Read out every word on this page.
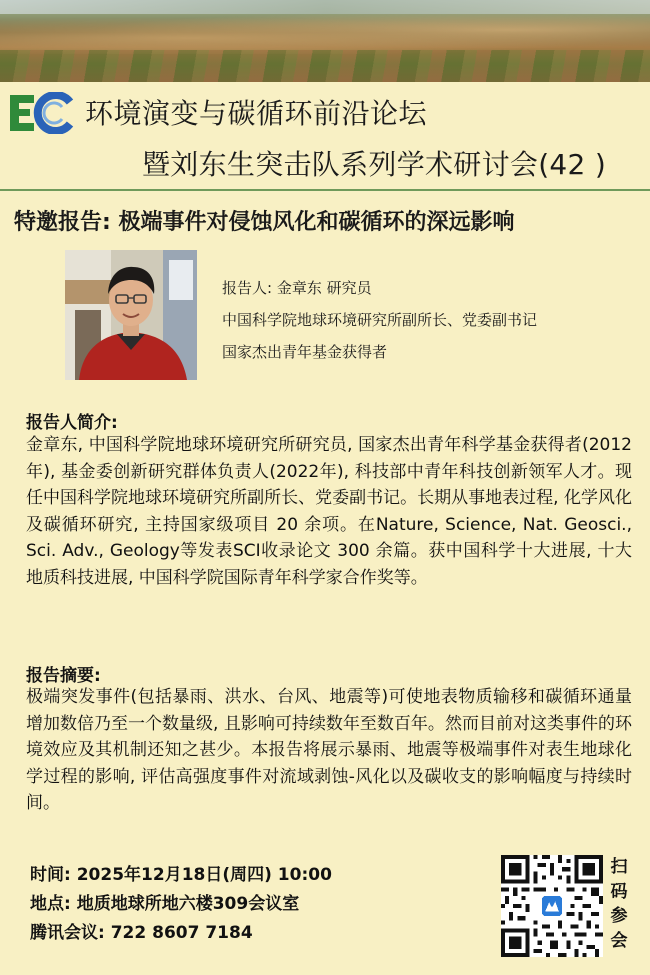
环境演变与碳循环前沿论坛
暨刘东生突击队系列学术研讨会(42 )
特邀报告: 极端事件对侵蚀风化和碳循环的深远影响
报告人: 金章东 研究员
中国科学院地球环境研究所副所长、党委副书记
国家杰出青年基金获得者
报告人简介:
金章东, 中国科学院地球环境研究所研究员, 国家杰出青年科学基金获得者(2012年), 基金委创新研究群体负责人(2022年), 科技部中青年科技创新领军人才。现任中国科学院地球环境研究所副所长、党委副书记。长期从事地表过程, 化学风化及碳循环研究, 主持国家级项目 20 余项。在Nature, Science, Nat. Geosci., Sci. Adv., Geology等发表SCI收录论文 300 余篇。获中国科学十大进展, 十大地质科技进展, 中国科学院国际青年科学家合作奖等。
报告摘要:
极端突发事件(包括暴雨、洪水、台风、地震等)可使地表物质输移和碳循环通量增加数倍乃至一个数量级, 且影响可持续数年至数百年。然而目前对这类事件的环境效应及其机制还知之甚少。本报告将展示暴雨、地震等极端事件对表生地球化学过程的影响, 评估高强度事件对流域剥蚀-风化以及碳收支的影响幅度与持续时间。
时间: 2025年12月18日(周四) 10:00
地点: 地质地球所地六楼309会议室
腾讯会议: 722 8607 7184
扫
码
参
会
